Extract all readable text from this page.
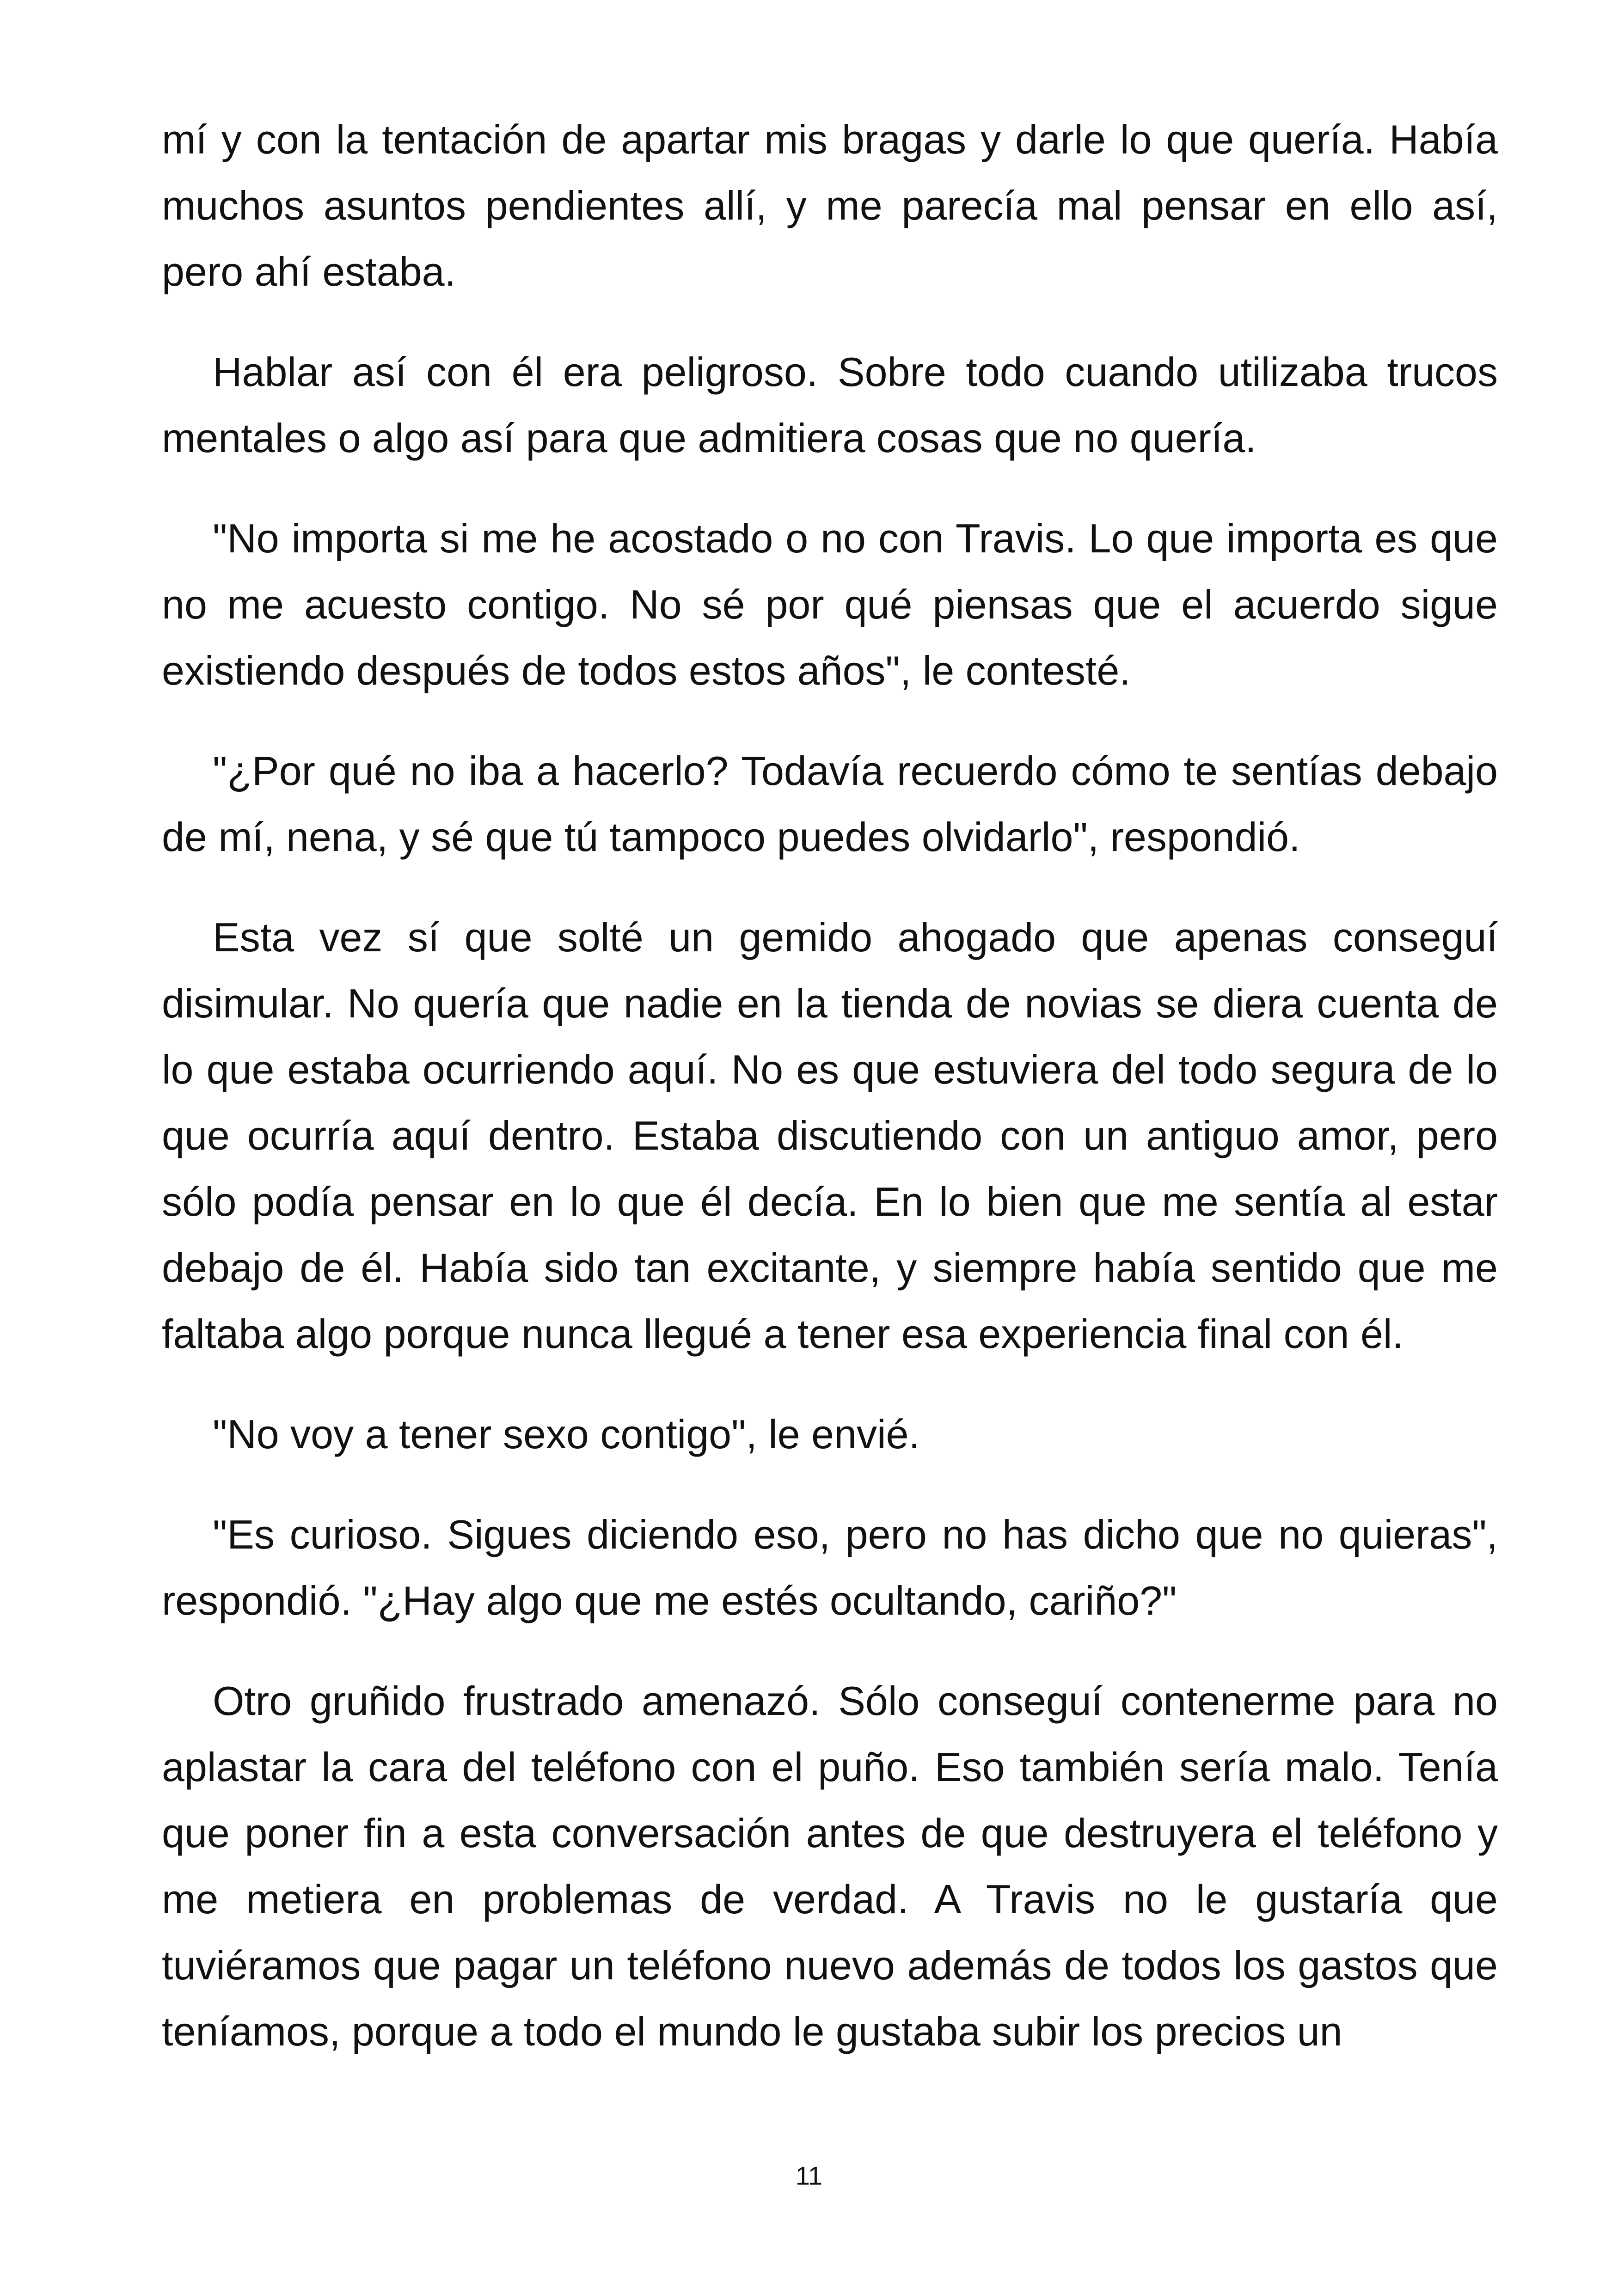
mí y con la tentación de apartar mis bragas y darle lo que quería. Había muchos asuntos pendientes allí, y me parecía mal pensar en ello así, pero ahí estaba.

Hablar así con él era peligroso. Sobre todo cuando utilizaba trucos mentales o algo así para que admitiera cosas que no quería.

"No importa si me he acostado o no con Travis. Lo que importa es que no me acuesto contigo. No sé por qué piensas que el acuerdo sigue existiendo después de todos estos años", le contesté.

"¿Por qué no iba a hacerlo? Todavía recuerdo cómo te sentías debajo de mí, nena, y sé que tú tampoco puedes olvidarlo", respondió.

Esta vez sí que solté un gemido ahogado que apenas conseguí disimular. No quería que nadie en la tienda de novias se diera cuenta de lo que estaba ocurriendo aquí. No es que estuviera del todo segura de lo que ocurría aquí dentro. Estaba discutiendo con un antiguo amor, pero sólo podía pensar en lo que él decía. En lo bien que me sentía al estar debajo de él. Había sido tan excitante, y siempre había sentido que me faltaba algo porque nunca llegué a tener esa experiencia final con él.

"No voy a tener sexo contigo", le envié.

"Es curioso. Sigues diciendo eso, pero no has dicho que no quieras", respondió. "¿Hay algo que me estés ocultando, cariño?"

Otro gruñido frustrado amenazó. Sólo conseguí contenerme para no aplastar la cara del teléfono con el puño. Eso también sería malo. Tenía que poner fin a esta conversación antes de que destruyera el teléfono y me metiera en problemas de verdad. A Travis no le gustaría que tuviéramos que pagar un teléfono nuevo además de todos los gastos que teníamos, porque a todo el mundo le gustaba subir los precios un

11
